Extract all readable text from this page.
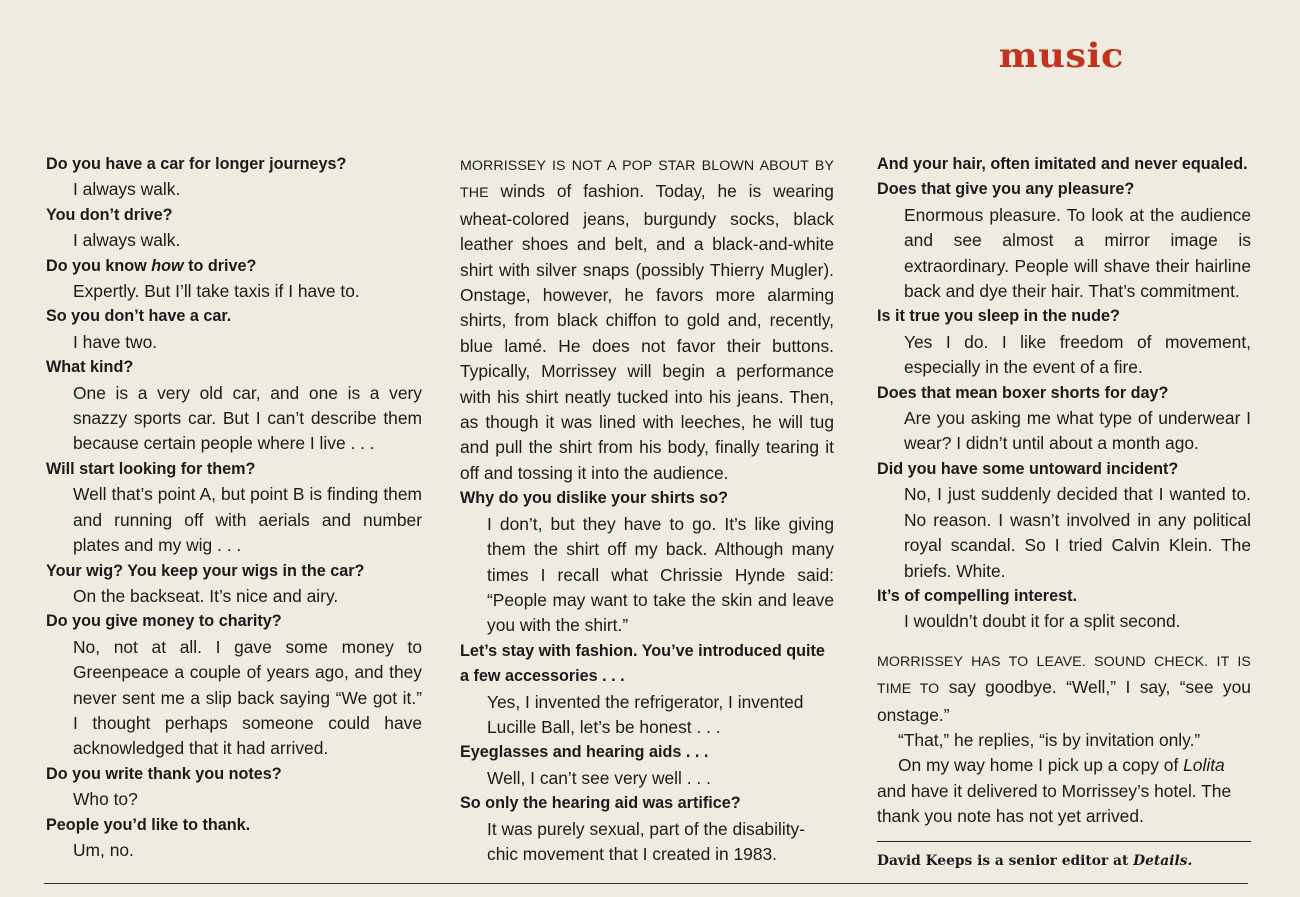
music
Do you have a car for longer journeys?
I always walk.
You don’t drive?
I always walk.
Do you know how to drive?
Expertly. But I’ll take taxis if I have to.
So you don’t have a car.
I have two.
What kind?
One is a very old car, and one is a very snazzy sports car. But I can’t describe them because certain people where I live . . .
Will start looking for them?
Well that’s point A, but point B is finding them and running off with aerials and number plates and my wig . . .
Your wig? You keep your wigs in the car?
On the backseat. It’s nice and airy.
Do you give money to charity?
No, not at all. I gave some money to Greenpeace a couple of years ago, and they never sent me a slip back saying “We got it.” I thought perhaps someone could have acknowledged that it had arrived.
Do you write thank you notes?
Who to?
People you’d like to thank.
Um, no.
MORRISSEY IS NOT A POP STAR BLOWN ABOUT BY THE winds of fashion. Today, he is wearing wheat-colored jeans, burgundy socks, black leather shoes and belt, and a black-and-white shirt with silver snaps (possibly Thierry Mugler). Onstage, however, he favors more alarming shirts, from black chiffon to gold and, recently, blue lamé. He does not favor their buttons. Typically, Morrissey will begin a performance with his shirt neatly tucked into his jeans. Then, as though it was lined with leeches, he will tug and pull the shirt from his body, finally tearing it off and tossing it into the audience.
Why do you dislike your shirts so?
I don’t, but they have to go. It’s like giving them the shirt off my back. Although many times I recall what Chrissie Hynde said: “People may want to take the skin and leave you with the shirt.”
Let’s stay with fashion. You’ve introduced quite a few accessories . . .
Yes, I invented the refrigerator, I invented Lucille Ball, let’s be honest . . .
Eyeglasses and hearing aids . . .
Well, I can’t see very well . . .
So only the hearing aid was artifice?
It was purely sexual, part of the disability-chic movement that I created in 1983.
And your hair, often imitated and never equaled. Does that give you any pleasure?
Enormous pleasure. To look at the audience and see almost a mirror image is extraordinary. People will shave their hairline back and dye their hair. That’s commitment.
Is it true you sleep in the nude?
Yes I do. I like freedom of movement, especially in the event of a fire.
Does that mean boxer shorts for day?
Are you asking me what type of underwear I wear? I didn’t until about a month ago.
Did you have some untoward incident?
No, I just suddenly decided that I wanted to. No reason. I wasn’t involved in any political royal scandal. So I tried Calvin Klein. The briefs. White.
It’s of compelling interest.
I wouldn’t doubt it for a split second.
MORRISSEY HAS TO LEAVE. SOUND CHECK. IT IS TIME TO say goodbye. “Well,” I say, “see you onstage.”
“That,” he replies, “is by invitation only.”
On my way home I pick up a copy of Lolita and have it delivered to Morrissey’s hotel. The thank you note has not yet arrived.
David Keeps is a senior editor at Details.
